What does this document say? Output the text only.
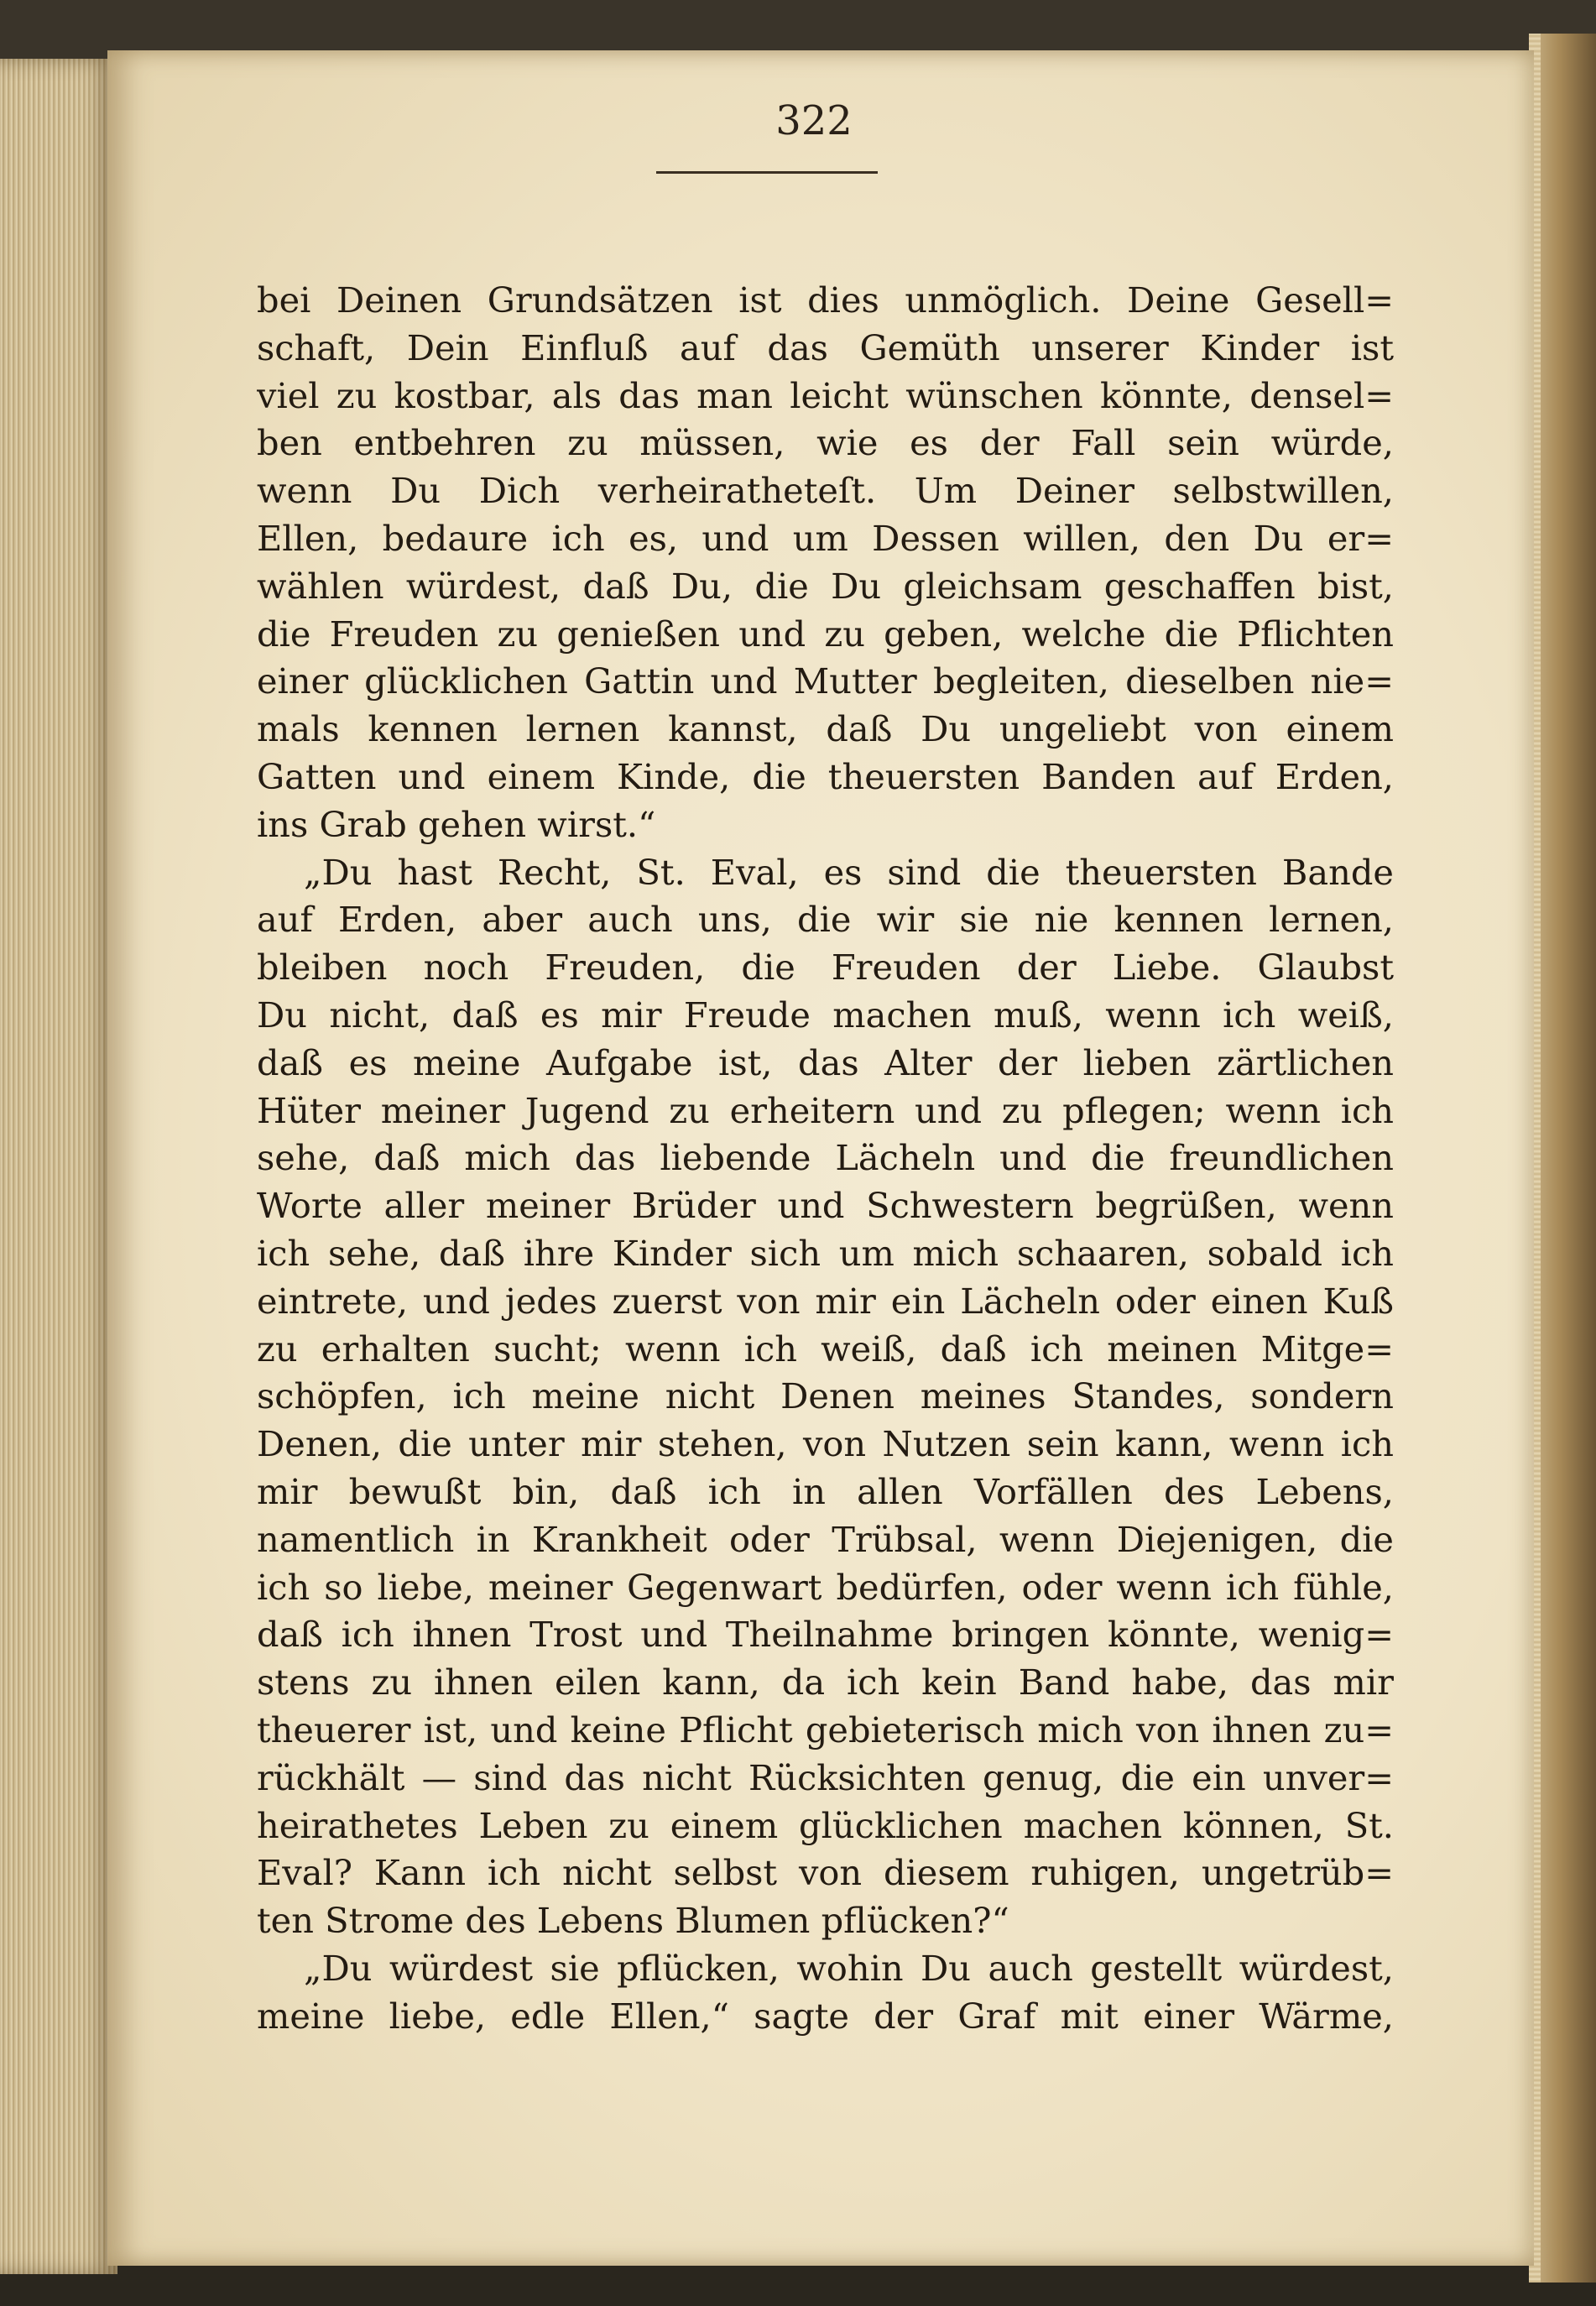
322
bei Deinen Grundsätzen ist dies unmöglich. Deine Gesell=
schaft, Dein Einfluß auf das Gemüth unserer Kinder ist
viel zu kostbar, als das man leicht wünschen könnte, densel=
ben entbehren zu müssen, wie es der Fall sein würde,
wenn Du Dich verheiratheteſt. Um Deiner selbstwillen,
Ellen, bedaure ich es, und um Dessen willen, den Du er=
wählen würdest, daß Du, die Du gleichsam geschaffen bist,
die Freuden zu genießen und zu geben, welche die Pflichten
einer glücklichen Gattin und Mutter begleiten, dieselben nie=
mals kennen lernen kannst, daß Du ungeliebt von einem
Gatten und einem Kinde, die theuersten Banden auf Erden,
ins Grab gehen wirst.“
„Du hast Recht, St. Eval, es sind die theuersten Bande
auf Erden, aber auch uns, die wir sie nie kennen lernen,
bleiben noch Freuden, die Freuden der Liebe. Glaubst
Du nicht, daß es mir Freude machen muß, wenn ich weiß,
daß es meine Aufgabe ist, das Alter der lieben zärtlichen
Hüter meiner Jugend zu erheitern und zu pflegen; wenn ich
sehe, daß mich das liebende Lächeln und die freundlichen
Worte aller meiner Brüder und Schwestern begrüßen, wenn
ich sehe, daß ihre Kinder sich um mich schaaren, sobald ich
eintrete, und jedes zuerst von mir ein Lächeln oder einen Kuß
zu erhalten sucht; wenn ich weiß, daß ich meinen Mitge=
schöpfen, ich meine nicht Denen meines Standes, sondern
Denen, die unter mir stehen, von Nutzen sein kann, wenn ich
mir bewußt bin, daß ich in allen Vorfällen des Lebens,
namentlich in Krankheit oder Trübsal, wenn Diejenigen, die
ich so liebe, meiner Gegenwart bedürfen, oder wenn ich fühle,
daß ich ihnen Trost und Theilnahme bringen könnte, wenig=
stens zu ihnen eilen kann, da ich kein Band habe, das mir
theuerer ist, und keine Pflicht gebieterisch mich von ihnen zu=
rückhält — sind das nicht Rücksichten genug, die ein unver=
heirathetes Leben zu einem glücklichen machen können, St.
Eval? Kann ich nicht selbst von diesem ruhigen, ungetrüb=
ten Strome des Lebens Blumen pflücken?“
„Du würdest sie pflücken, wohin Du auch gestellt würdest,
meine liebe, edle Ellen,“ sagte der Graf mit einer Wärme,
